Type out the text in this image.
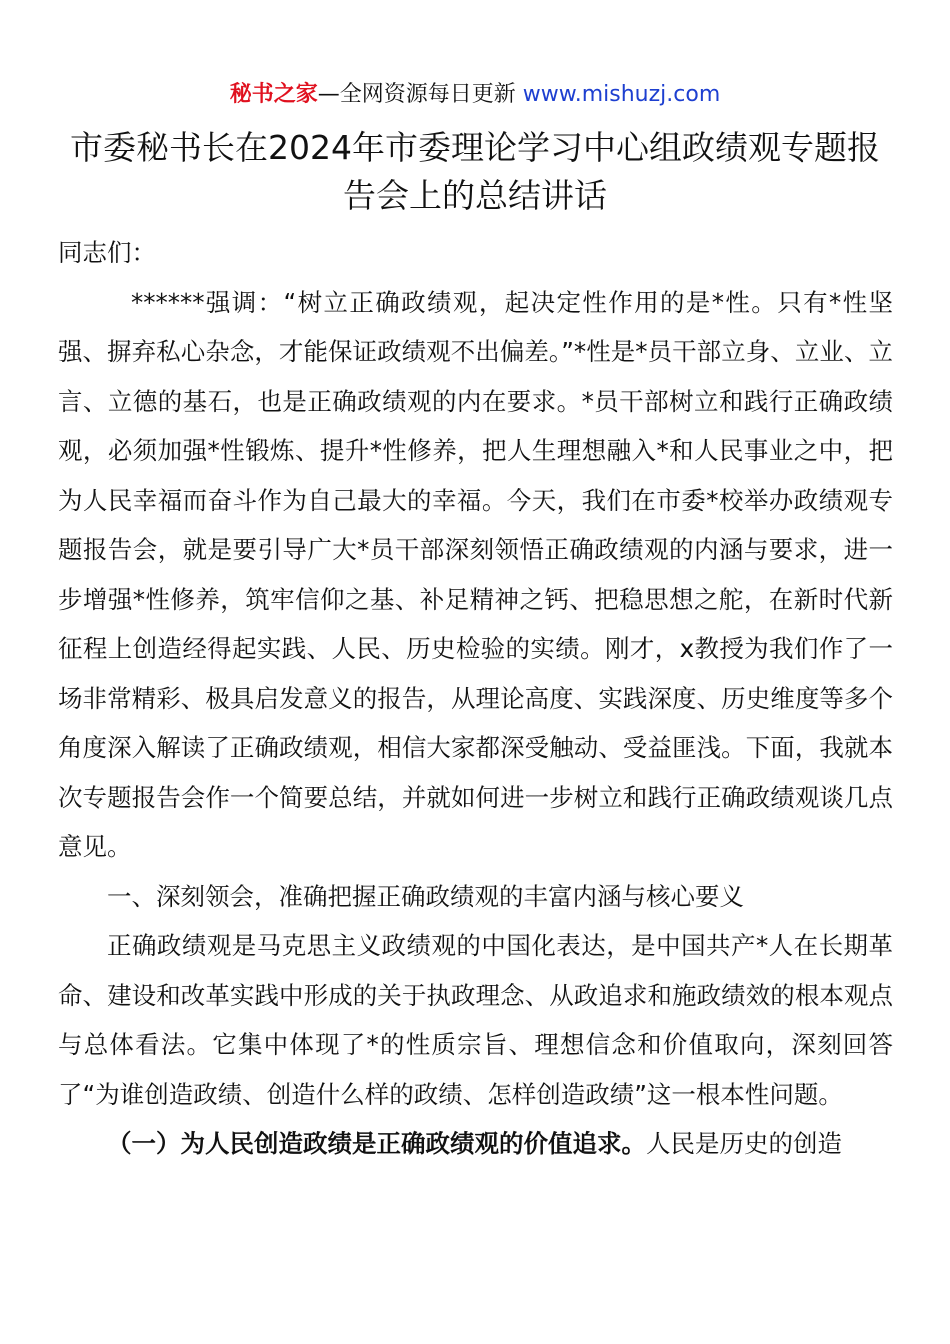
秘书之家—全网资源每日更新 www.mishuzj.com
市委秘书长在2024年市委理论学习中心组政绩观专题报告会上的总结讲话

同志们：

******强调：“树立正确政绩观，起决定性作用的是*性。只有*性坚强、摒弃私心杂念，才能保证政绩观不出偏差。”*性是*员干部立身、立业、立言、立德的基石，也是正确政绩观的内在要求。*员干部树立和践行正确政绩观，必须加强*性锻炼、提升*性修养，把人生理想融入*和人民事业之中，把为人民幸福而奋斗作为自己最大的幸福。今天，我们在市委*校举办政绩观专题报告会，就是要引导广大*员干部深刻领悟正确政绩观的内涵与要求，进一步增强*性修养，筑牢信仰之基、补足精神之钙、把稳思想之舵，在新时代新征程上创造经得起实践、人民、历史检验的实绩。刚才，x教授为我们作了一场非常精彩、极具启发意义的报告，从理论高度、实践深度、历史维度等多个角度深入解读了正确政绩观，相信大家都深受触动、受益匪浅。下面，我就本次专题报告会作一个简要总结，并就如何进一步树立和践行正确政绩观谈几点意见。

一、深刻领会，准确把握正确政绩观的丰富内涵与核心要义

正确政绩观是马克思主义政绩观的中国化表达，是中国共产*人在长期革命、建设和改革实践中形成的关于执政理念、从政追求和施政绩效的根本观点与总体看法。它集中体现了*的性质宗旨、理想信念和价值取向，深刻回答了“为谁创造政绩、创造什么样的政绩、怎样创造政绩”这一根本性问题。

（一）为人民创造政绩是正确政绩观的价值追求。人民是历史的创造
